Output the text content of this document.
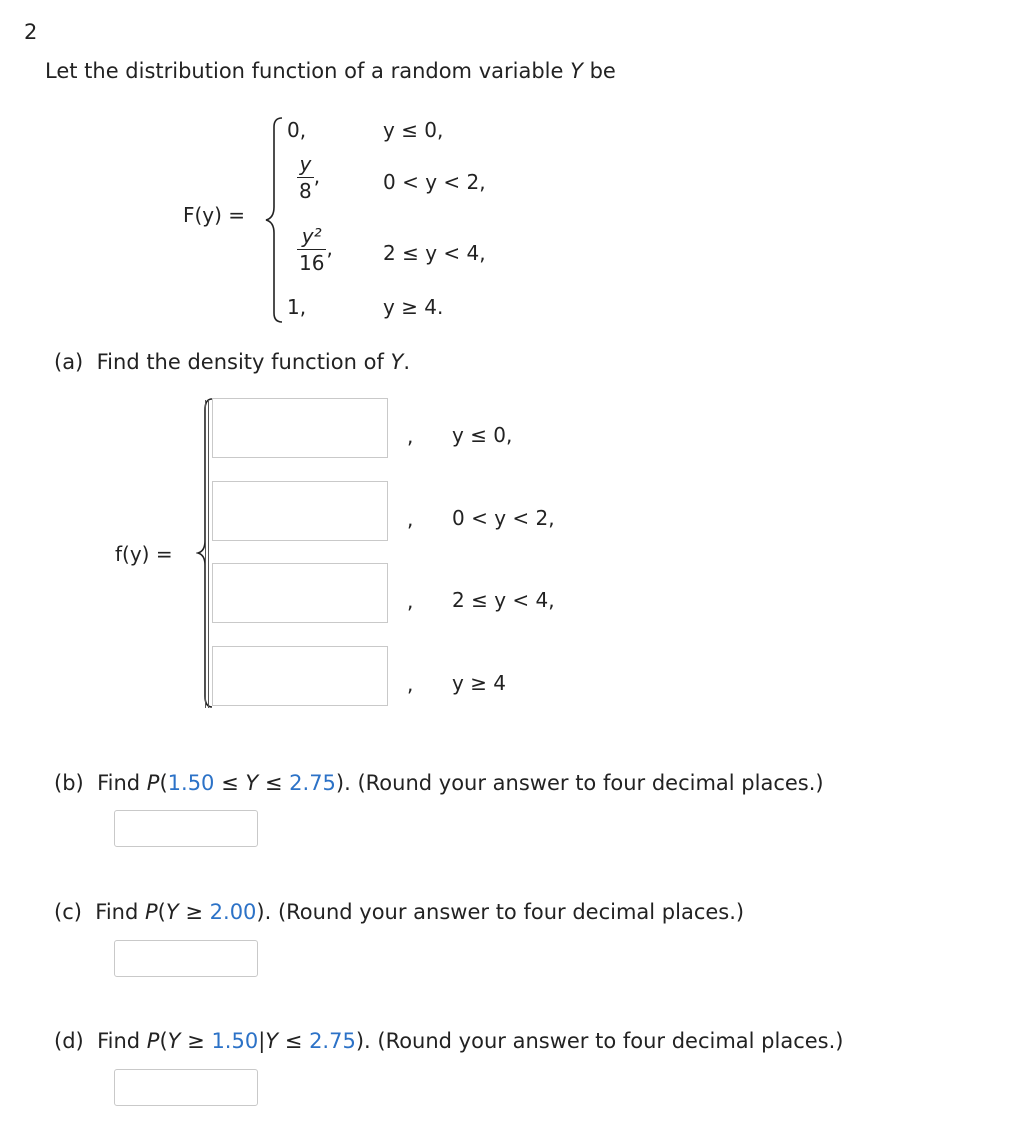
2
Let the distribution function of a random variable Y be
F(y) =
0,	y ≤ 0,
$\frac{y}{8}$ ,	0 < y < 2,
$\frac{\text{y²}}{16}$ ,	2 ≤ y < 4,
1,	y ≥ 4.
(a) Find the density function of Y.
f(y) =
, y ≤ 0,
, 0 < y < 2,
, 2 ≤ y < 4,
, y ≥ 4
(b) Find P(1.50 ≤ Y ≤ 2.75). (Round your answer to four decimal places.)
(c) Find P(Y ≥ 2.00). (Round your answer to four decimal places.)
(d) Find P(Y ≥ 1.50|Y ≤ 2.75). (Round your answer to four decimal places.)
